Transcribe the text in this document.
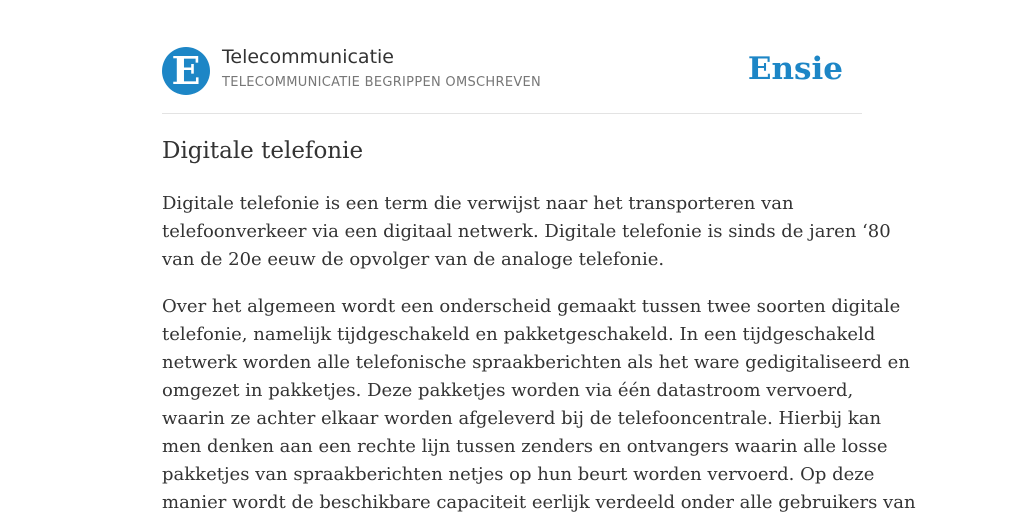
E	Telecommunicatie
TELECOMMUNICATIE BEGRIPPEN OMSCHREVEN	Ensie
Digitale telefonie
Digitale telefonie is een term die verwijst naar het transporteren van
telefoonverkeer via een digitaal netwerk. Digitale telefonie is sinds de jaren ‘80
van de 20e eeuw de opvolger van de analoge telefonie.
Over het algemeen wordt een onderscheid gemaakt tussen twee soorten digitale
telefonie, namelijk tijdgeschakeld en pakketgeschakeld. In een tijdgeschakeld
netwerk worden alle telefonische spraakberichten als het ware gedigitaliseerd en
omgezet in pakketjes. Deze pakketjes worden via één datastroom vervoerd,
waarin ze achter elkaar worden afgeleverd bij de telefooncentrale. Hierbij kan
men denken aan een rechte lijn tussen zenders en ontvangers waarin alle losse
pakketjes van spraakberichten netjes op hun beurt worden vervoerd. Op deze
manier wordt de beschikbare capaciteit eerlijk verdeeld onder alle gebruikers van
